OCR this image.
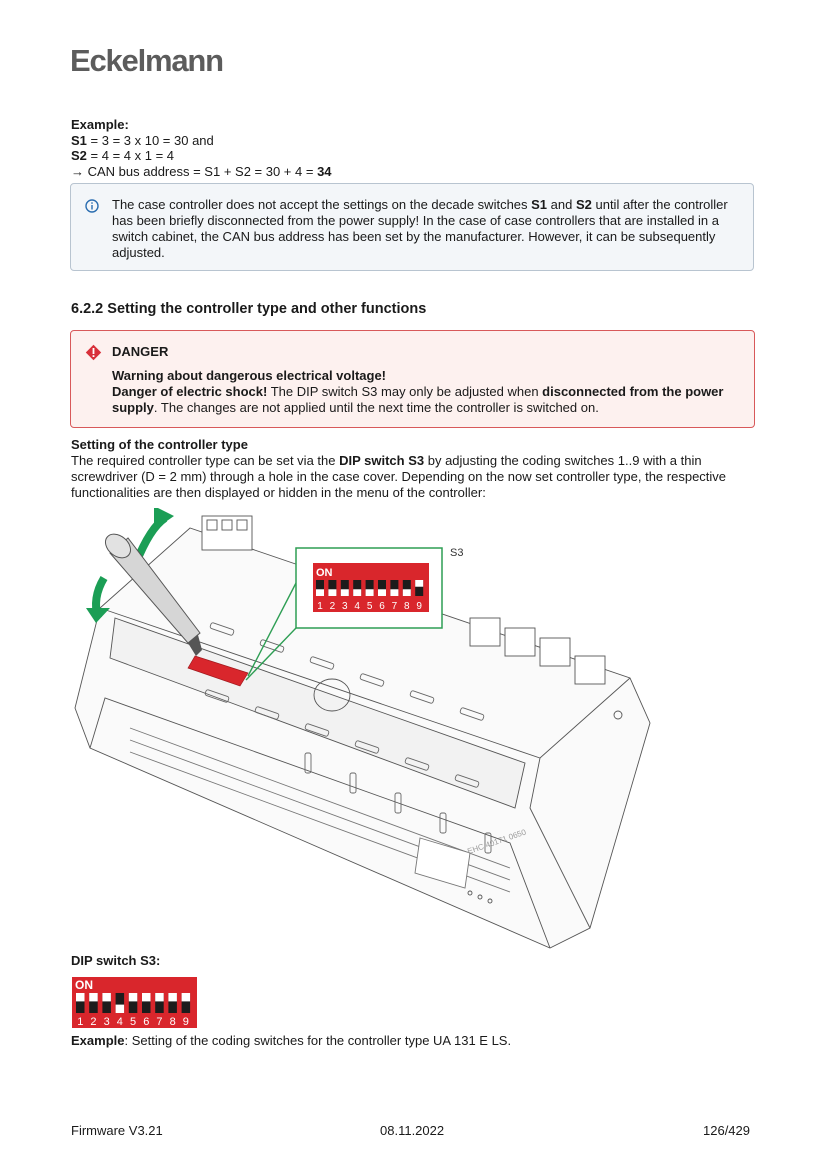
Eckelmann
Example:
S1 = 3 = 3 x 10 = 30 and
S2 = 4 = 4 x 1 = 4
→ CAN bus address = S1 + S2 = 30 + 4 = 34
The case controller does not accept the settings on the decade switches S1 and S2 until after the controller has been briefly disconnected from the power supply! In the case of case controllers that are installed in a switch cabinet, the CAN bus address has been set by the manufacturer. However, it can be subsequently adjusted.
6.2.2 Setting the controller type and other functions
DANGER
Warning about dangerous electrical voltage!
Danger of electric shock! The DIP switch S3 may only be adjusted when disconnected from the power supply. The changes are not applied until the next time the controller is switched on.
Setting of the controller type
The required controller type can be set via the DIP switch S3 by adjusting the coding switches 1..9 with a thin screwdriver (D = 2 mm) through a hole in the case cover. Depending on the now set controller type, the respective functionalities are then displayed or hidden in the menu of the controller:
EHC 40171 0650
S3
ON
1 2 3 4 5 6 7 8 9
DIP switch S3:
ON
1 2 3 4 5 6 7 8 9
Example: Setting of the coding switches for the controller type UA 131 E LS.
Firmware V3.21	08.11.2022	126/429
